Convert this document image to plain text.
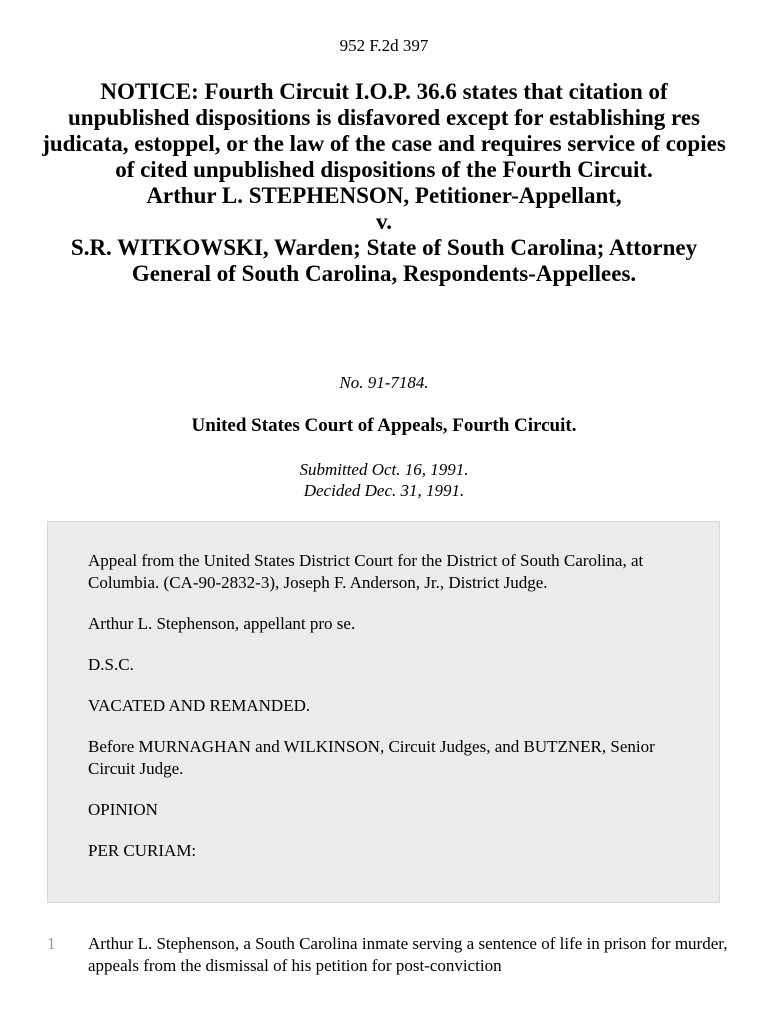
952 F.2d 397
NOTICE: Fourth Circuit I.O.P. 36.6 states that citation of unpublished dispositions is disfavored except for establishing res judicata, estoppel, or the law of the case and requires service of copies of cited unpublished dispositions of the Fourth Circuit.
Arthur L. STEPHENSON, Petitioner-Appellant,
v.
S.R. WITKOWSKI, Warden; State of South Carolina; Attorney
General of South Carolina, Respondents-Appellees.
No. 91-7184.
United States Court of Appeals, Fourth Circuit.
Submitted Oct. 16, 1991.
Decided Dec. 31, 1991.

Appeal from the United States District Court for the District of South Carolina, at Columbia. (CA-90-2832-3), Joseph F. Anderson, Jr., District Judge.

Arthur L. Stephenson, appellant pro se.

D.S.C.

VACATED AND REMANDED.

Before MURNAGHAN and WILKINSON, Circuit Judges, and BUTZNER, Senior Circuit Judge.

OPINION

PER CURIAM:

1 Arthur L. Stephenson, a South Carolina inmate serving a sentence of life in prison for murder, appeals from the dismissal of his petition for post-conviction
